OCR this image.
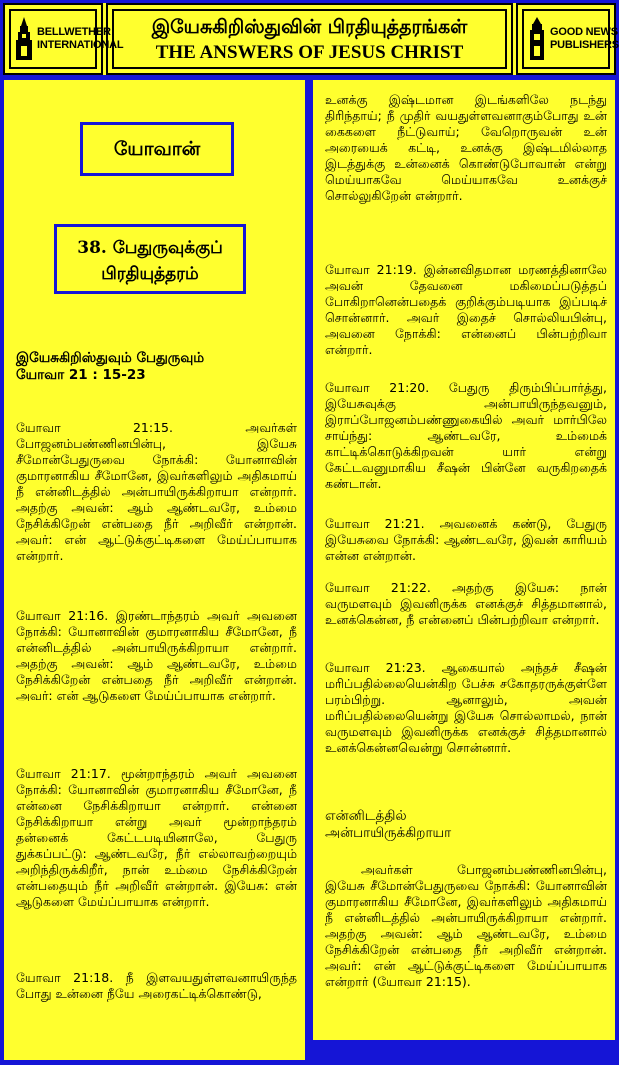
BELLWETHER
INTERNATIONAL
இயேசுகிறிஸ்துவின் பிரதியுத்தரங்கள்
THE ANSWERS OF JESUS CHRIST
GOOD NEWS
PUBLISHERS
யோவான்
38. பேதுருவுக்குப்
பிரதியுத்தரம்
இயேசுகிறிஸ்துவும் பேதுருவும்
யோவா 21 : 15-23

யோவா 21:15. அவர்கள் போஜனம்பண்ணினபின்பு, இயேசு சீமோன்பேதுருவை நோக்கி: யோனாவின் குமாரனாகிய சீமோனே, இவர்களிலும் அதிகமாய் நீ என்னிடத்தில் அன்பாயிருக்கிறாயா என்றார். அதற்கு அவன்: ஆம் ஆண்டவரே, உம்மை நேசிக்கிறேன் என்பதை நீர் அறிவீர் என்றான். அவர்: என் ஆட்டுக்குட்டிகளை மேய்ப்பாயாக என்றார்.

யோவா 21:16. இரண்டாந்தரம் அவர் அவனை நோக்கி: யோனாவின் குமாரனாகிய சீமோனே, நீ என்னிடத்தில் அன்பாயிருக்கிறாயா என்றார். அதற்கு அவன்: ஆம் ஆண்டவரே, உம்மை நேசிக்கிறேன் என்பதை நீர் அறிவீர் என்றான். அவர்: என் ஆடுகளை மேய்ப்பாயாக என்றார்.

யோவா 21:17. மூன்றாந்தரம் அவர் அவனை நோக்கி: யோனாவின் குமாரனாகிய சீமோனே, நீ என்னை நேசிக்கிறாயா என்றார். என்னை நேசிக்கிறாயா என்று அவர் மூன்றாந்தரம் தன்னைக் கேட்டபடியினாலே, பேதுரு துக்கப்பட்டு: ஆண்டவரே, நீர் எல்லாவற்றையும் அறிந்திருக்கிறீர், நான் உம்மை நேசிக்கிறேன் என்பதையும் நீர் அறிவீர் என்றான். இயேசு: என் ஆடுகளை மேய்ப்பாயாக என்றார்.

யோவா 21:18. நீ இளவயதுள்ளவனாயிருந்த போது உன்னை நீயே அரைகட்டிக்கொண்டு,

உனக்கு இஷ்டமான இடங்களிலே நடந்து திரிந்தாய்; நீ முதிர் வயதுள்ளவனாகும்போது உன் கைகளை நீட்டுவாய்; வேறொருவன் உன் அரையைக் கட்டி, உனக்கு இஷ்டமில்லாத இடத்துக்கு உன்னைக் கொண்டுபோவான் என்று மெய்யாகவே மெய்யாகவே உனக்குச் சொல்லுகிறேன் என்றார்.

யோவா 21:19. இன்னவிதமான மரணத்தினாலே அவன் தேவனை மகிமைப்படுத்தப் போகிறானென்பதைக் குறிக்கும்படியாக இப்படிச் சொன்னார். அவர் இதைச் சொல்லியபின்பு, அவனை நோக்கி: என்னைப் பின்பற்றிவா என்றார்.

யோவா 21:20. பேதுரு திரும்பிப்பார்த்து, இயேசுவுக்கு அன்பாயிருந்தவனும், இராப்போஜனம்பண்ணுகையில் அவர் மார்பிலே சாய்ந்து: ஆண்டவரே, உம்மைக் காட்டிக்கொடுக்கிறவன் யார் என்று கேட்டவனுமாகிய சீஷன் பின்னே வருகிறதைக் கண்டான்.

யோவா 21:21. அவனைக் கண்டு, பேதுரு இயேசுவை நோக்கி: ஆண்டவரே, இவன் காரியம் என்ன என்றான்.

யோவா 21:22. அதற்கு இயேசு: நான் வருமளவும் இவனிருக்க எனக்குச் சித்தமானால், உனக்கென்ன, நீ என்னைப் பின்பற்றிவா என்றார்.

யோவா 21:23. ஆகையால் அந்தச் சீஷன் மரிப்பதில்லையென்கிற பேச்சு சகோதரருக்குள்ளே பரம்பிற்று. ஆனாலும், அவன் மரிப்பதில்லையென்று இயேசு சொல்லாமல், நான் வருமளவும் இவனிருக்க எனக்குச் சித்தமானால் உனக்கென்னவென்று சொன்னார்.

என்னிடத்தில்
அன்பாயிருக்கிறாயா

அவர்கள் போஜனம்பண்ணினபின்பு, இயேசு சீமோன்பேதுருவை நோக்கி: யோனாவின் குமாரனாகிய சீமோனே, இவர்களிலும் அதிகமாய் நீ என்னிடத்தில் அன்பாயிருக்கிறாயா என்றார். அதற்கு அவன்: ஆம் ஆண்டவரே, உம்மை நேசிக்கிறேன் என்பதை நீர் அறிவீர் என்றான். அவர்: என் ஆட்டுக்குட்டிகளை மேய்ப்பாயாக என்றார் (யோவா 21:15).
